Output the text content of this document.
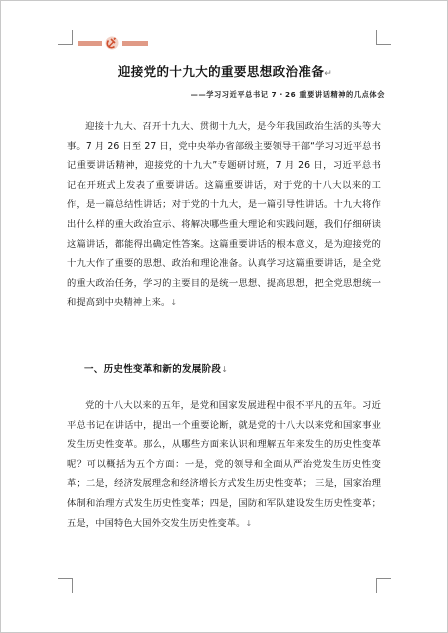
迎接党的十九大的重要思想政治准备↵
——学习习近平总书记 7・26 重要讲话精神的几点体会
迎接十九大、召开十九大、贯彻十九大，是今年我国政治生活的头等大事。7 月 26 日至 27 日，党中央举办省部级主要领导干部“学习习近平总书记重要讲话精神，迎接党的十九大”专题研讨班，7 月 26 日，习近平总书记在开班式上发表了重要讲话。这篇重要讲话，对于党的十八大以来的工作，是一篇总结性讲话；对于党的十九大，是一篇引导性讲话。十九大将作出什么样的重大政治宣示、将解决哪些重大理论和实践问题，我们仔细研读这篇讲话，都能得出确定性答案。这篇重要讲话的根本意义，是为迎接党的十九大作了重要的思想、政治和理论准备。认真学习这篇重要讲话，是全党的重大政治任务，学习的主要目的是统一思想、提高思想，把全党思想统一和提高到中央精神上来。↓
一、历史性变革和新的发展阶段↓
党的十八大以来的五年，是党和国家发展进程中很不平凡的五年。习近平总书记在讲话中，提出一个重要论断，就是党的十八大以来党和国家事业发生历史性变革。那么，从哪些方面来认识和理解五年来发生的历史性变革呢？可以概括为五个方面：一是，党的领导和全面从严治党发生历史性变革；二是，经济发展理念和经济增长方式发生历史性变革； 三是，国家治理体制和治理方式发生历史性变革；四是，国防和军队建设发生历史性变革；五是，中国特色大国外交发生历史性变革。↓
